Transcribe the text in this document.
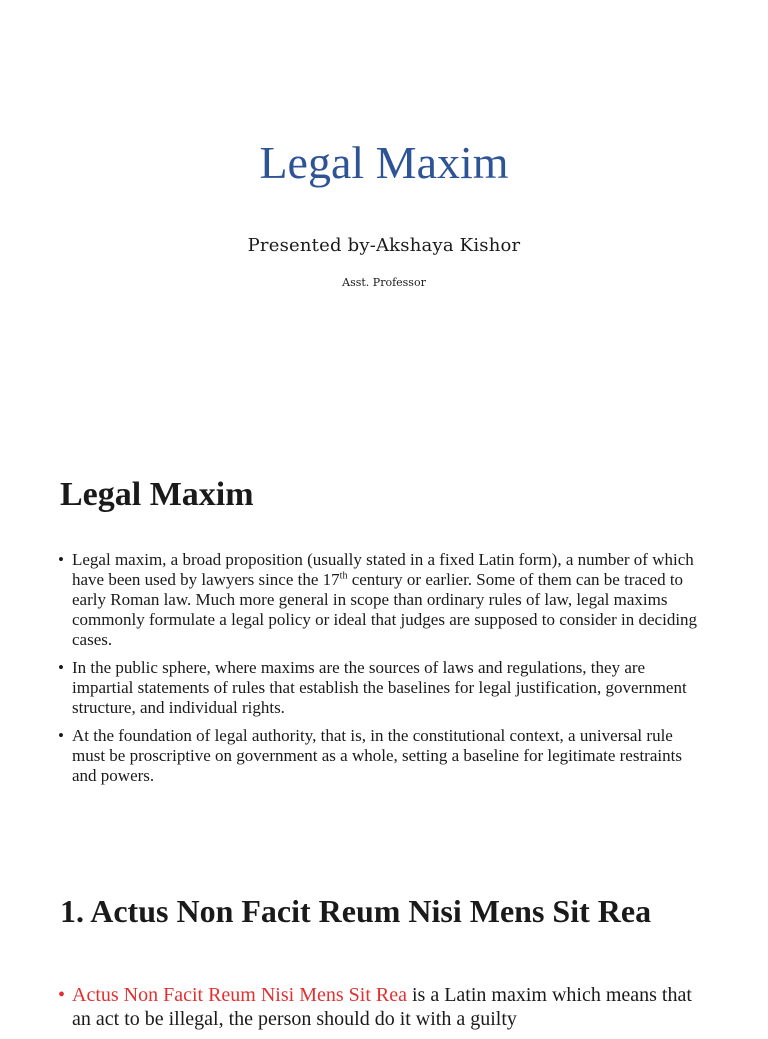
Legal Maxim
Presented by-Akshaya Kishor
Asst. Professor
Legal Maxim
• Legal maxim, a broad proposition (usually stated in a fixed Latin form), a number of which have been used by lawyers since the 17th century or earlier. Some of them can be traced to early Roman law. Much more general in scope than ordinary rules of law, legal maxims commonly formulate a legal policy or ideal that judges are supposed to consider in deciding cases.
• In the public sphere, where maxims are the sources of laws and regulations, they are impartial statements of rules that establish the baselines for legal justification, government structure, and individual rights.
• At the foundation of legal authority, that is, in the constitutional context, a universal rule must be proscriptive on government as a whole, setting a baseline for legitimate restraints and powers.
1. Actus Non Facit Reum Nisi Mens Sit Rea
• Actus Non Facit Reum Nisi Mens Sit Rea is a Latin maxim which means that an act to be illegal, the person should do it with a guilty
